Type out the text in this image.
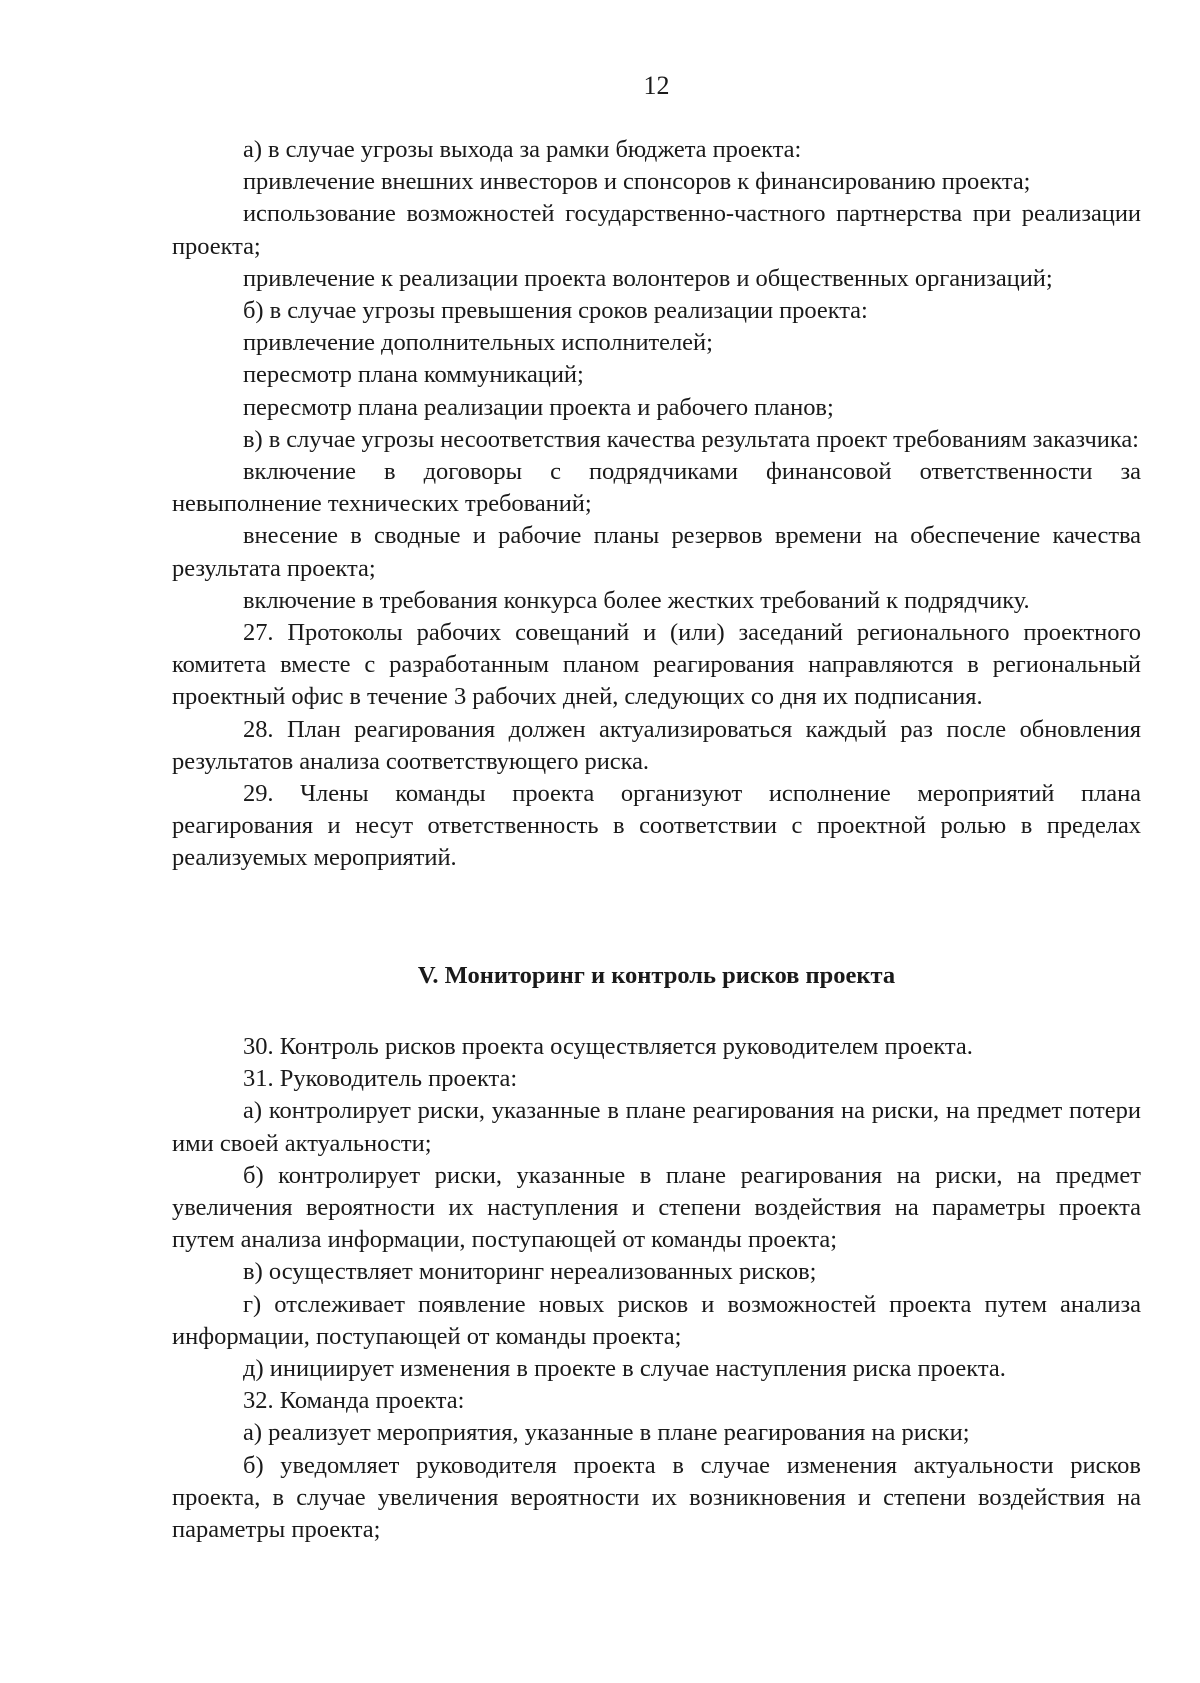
12

а) в случае угрозы выхода за рамки бюджета проекта:

привлечение внешних инвесторов и спонсоров к финансированию проекта;

использование возможностей государственно-частного партнерства при реализации проекта;

привлечение к реализации проекта волонтеров и общественных организаций;

б) в случае угрозы превышения сроков реализации проекта:

привлечение дополнительных исполнителей;

пересмотр плана коммуникаций;

пересмотр плана реализации проекта и рабочего планов;

в) в случае угрозы несоответствия качества результата проект требованиям заказчика:

включение в договоры с подрядчиками финансовой ответственности за невыполнение технических требований;

внесение в сводные и рабочие планы резервов времени на обеспечение качества результата проекта;

включение в требования конкурса более жестких требований к подрядчику.

27. Протоколы рабочих совещаний и (или) заседаний регионального проектного комитета вместе с разработанным планом реагирования направляются в региональный проектный офис в течение 3 рабочих дней, следующих со дня их подписания.

28. План реагирования должен актуализироваться каждый раз после обновления результатов анализа соответствующего риска.

29. Члены команды проекта организуют исполнение мероприятий плана реагирования и несут ответственность в соответствии с проектной ролью в пределах реализуемых мероприятий.

V. Мониторинг и контроль рисков проекта

30. Контроль рисков проекта осуществляется руководителем проекта.

31. Руководитель проекта:

а) контролирует риски, указанные в плане реагирования на риски, на предмет потери ими своей актуальности;

б) контролирует риски, указанные в плане реагирования на риски, на предмет увеличения вероятности их наступления и степени воздействия на параметры проекта путем анализа информации, поступающей от команды проекта;

в) осуществляет мониторинг нереализованных рисков;

г) отслеживает появление новых рисков и возможностей проекта путем анализа информации, поступающей от команды проекта;

д) инициирует изменения в проекте в случае наступления риска проекта.

32. Команда проекта:

а) реализует мероприятия, указанные в плане реагирования на риски;

б) уведомляет руководителя проекта в случае изменения актуальности рисков проекта, в случае увеличения вероятности их возникновения и степени воздействия на параметры проекта;
